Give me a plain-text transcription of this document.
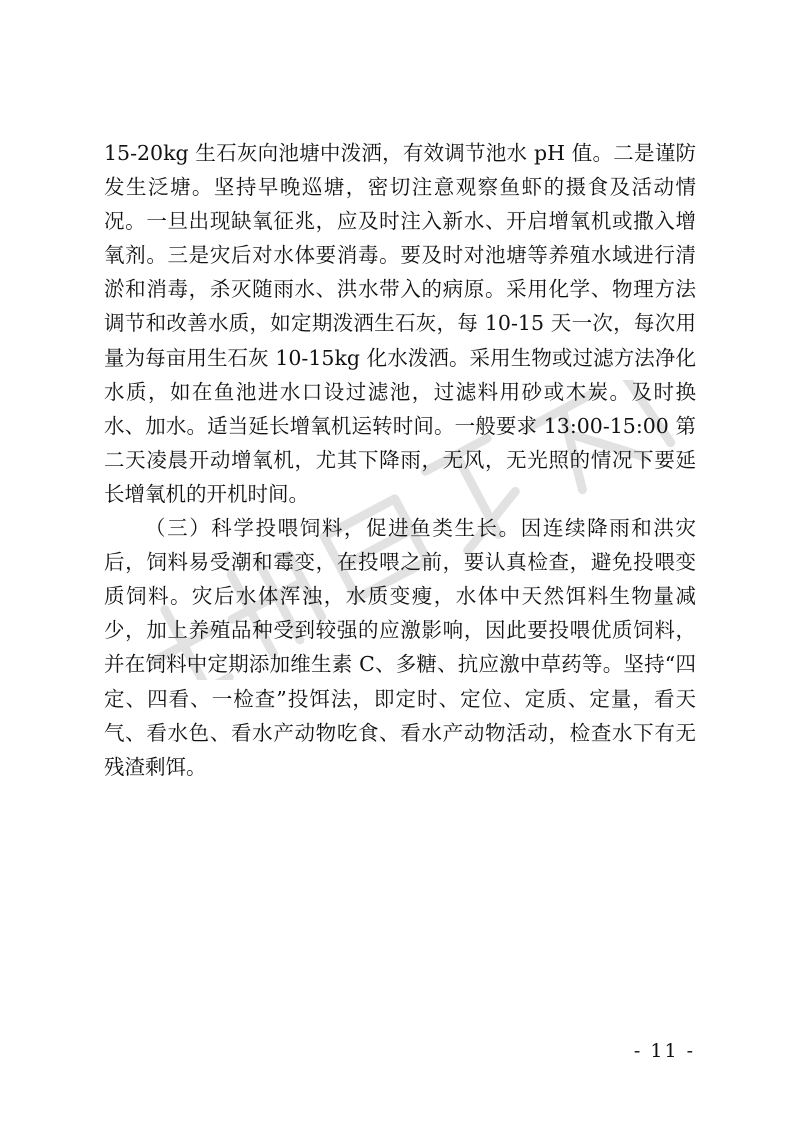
15-20kg 生石灰向池塘中泼洒，有效调节池水 pH 值。二是谨防发生泛塘。坚持早晚巡塘，密切注意观察鱼虾的摄食及活动情况。一旦出现缺氧征兆，应及时注入新水、开启增氧机或撒入增氧剂。三是灾后对水体要消毒。要及时对池塘等养殖水域进行清淤和消毒，杀灭随雨水、洪水带入的病原。采用化学、物理方法调节和改善水质，如定期泼洒生石灰，每 10-15 天一次，每次用量为每亩用生石灰 10-15kg 化水泼洒。采用生物或过滤方法净化水质，如在鱼池进水口设过滤池，过滤料用砂或木炭。及时换水、加水。适当延长增氧机运转时间。一般要求 13:00-15:00 第二天凌晨开动增氧机，尤其下降雨，无风，无光照的情况下要延长增氧机的开机时间。

（三）科学投喂饲料，促进鱼类生长。因连续降雨和洪灾后，饲料易受潮和霉变，在投喂之前，要认真检查，避免投喂变质饲料。灾后水体浑浊，水质变瘦，水体中天然饵料生物量减少，加上养殖品种受到较强的应激影响，因此要投喂优质饲料，并在饲料中定期添加维生素 C、多糖、抗应激中草药等。坚持“四定、四看、一检查”投饵法，即定时、定位、定质、定量，看天气、看水色、看水产动物吃食、看水产动物活动，检查水下有无残渣剩饵。

- 11 -
